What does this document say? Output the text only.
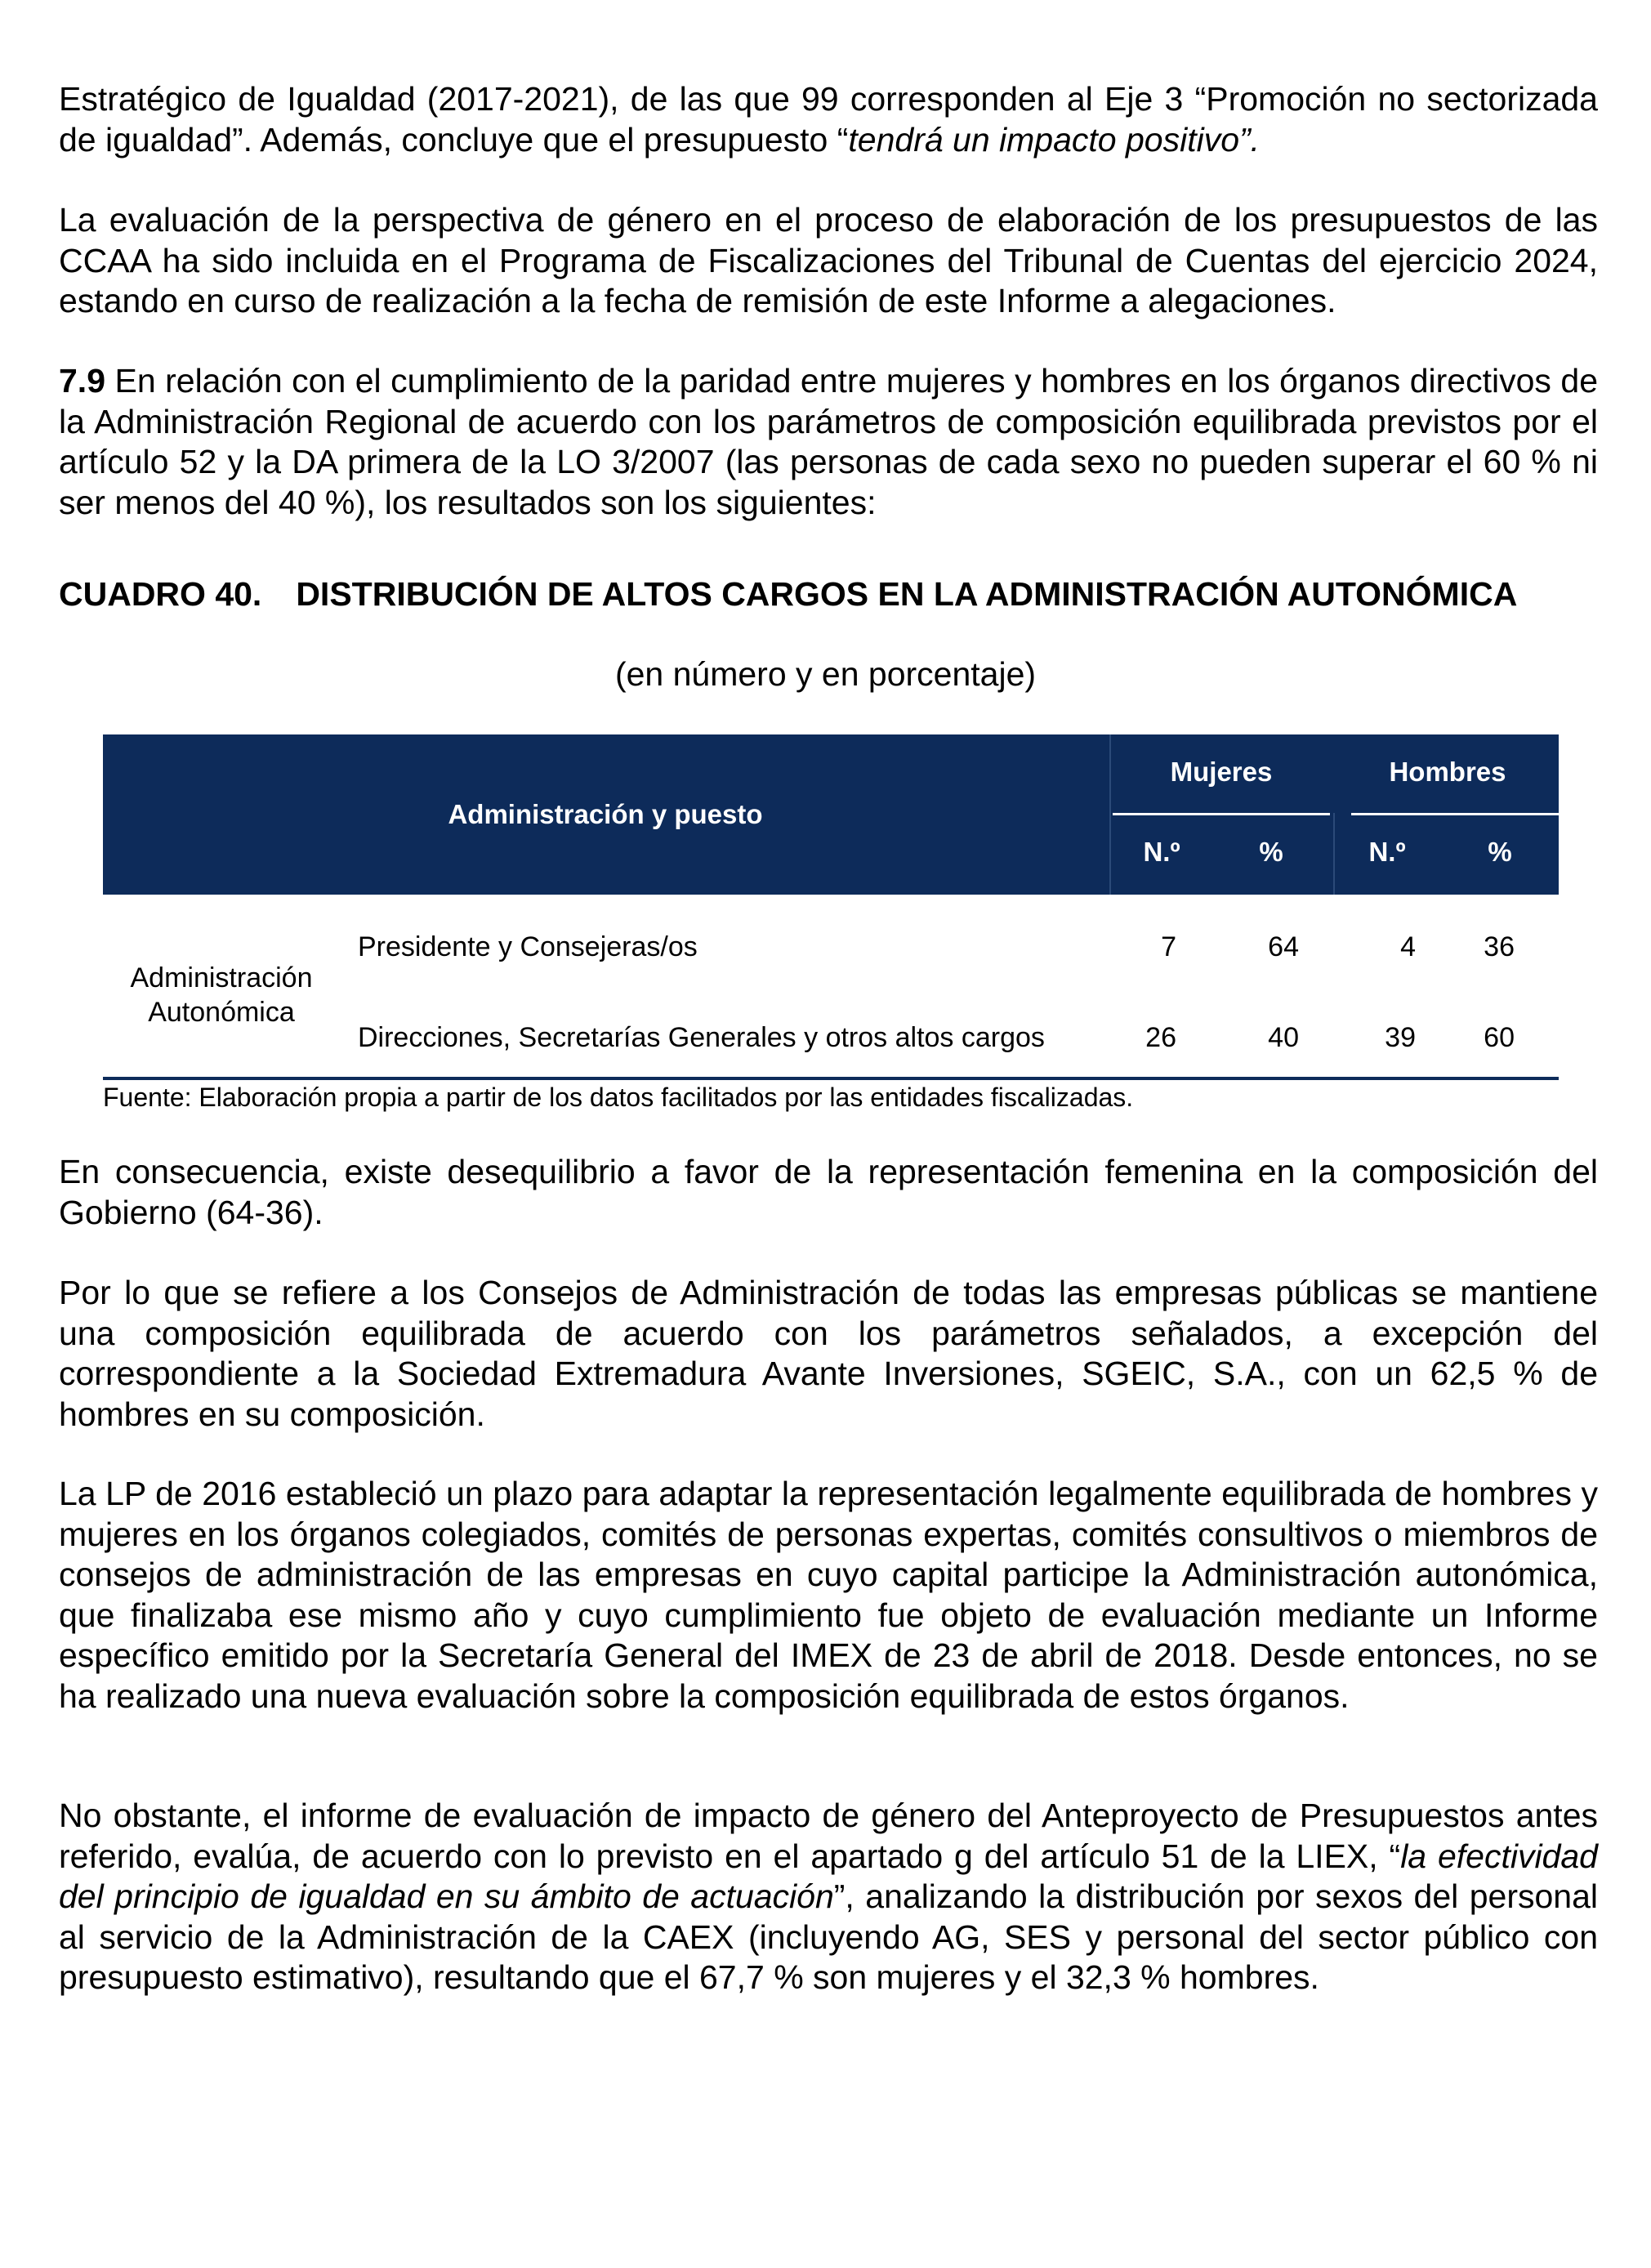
Estratégico de Igualdad (2017-2021), de las que 99 corresponden al Eje 3 “Promoción no sectorizada de igualdad”. Además, concluye que el presupuesto “tendrá un impacto positivo”.

La evaluación de la perspectiva de género en el proceso de elaboración de los presupuestos de las CCAA ha sido incluida en el Programa de Fiscalizaciones del Tribunal de Cuentas del ejercicio 2024, estando en curso de realización a la fecha de remisión de este Informe a alegaciones.

7.9 En relación con el cumplimiento de la paridad entre mujeres y hombres en los órganos directivos de la Administración Regional de acuerdo con los parámetros de composición equilibrada previstos por el artículo 52 y la DA primera de la LO 3/2007 (las personas de cada sexo no pueden superar el 60 % ni ser menos del 40 %), los resultados son los siguientes:

CUADRO 40. DISTRIBUCIÓN DE ALTOS CARGOS EN LA ADMINISTRACIÓN AUTONÓMICA
(en número y en porcentaje)
Administración y puesto
Mujeres	Hombres
N.º	%	N.º	%
Administración
Autonómica
Presidente y Consejeras/os	7	64	4	36
Direcciones, Secretarías Generales y otros altos cargos	26	40	39	60
Fuente: Elaboración propia a partir de los datos facilitados por las entidades fiscalizadas.

En consecuencia, existe desequilibrio a favor de la representación femenina en la composición del Gobierno (64-36).

Por lo que se refiere a los Consejos de Administración de todas las empresas públicas se mantiene una composición equilibrada de acuerdo con los parámetros señalados, a excepción del correspondiente a la Sociedad Extremadura Avante Inversiones, SGEIC, S.A., con un 62,5 % de hombres en su composición.

La LP de 2016 estableció un plazo para adaptar la representación legalmente equilibrada de hombres y mujeres en los órganos colegiados, comités de personas expertas, comités consultivos o miembros de consejos de administración de las empresas en cuyo capital participe la Administración autonómica, que finalizaba ese mismo año y cuyo cumplimiento fue objeto de evaluación mediante un Informe específico emitido por la Secretaría General del IMEX de 23 de abril de 2018. Desde entonces, no se ha realizado una nueva evaluación sobre la composición equilibrada de estos órganos.

No obstante, el informe de evaluación de impacto de género del Anteproyecto de Presupuestos antes referido, evalúa, de acuerdo con lo previsto en el apartado g del artículo 51 de la LIEX, “la efectividad del principio de igualdad en su ámbito de actuación”, analizando la distribución por sexos del personal al servicio de la Administración de la CAEX (incluyendo AG, SES y personal del sector público con presupuesto estimativo), resultando que el 67,7 % son mujeres y el 32,3 % hombres.
